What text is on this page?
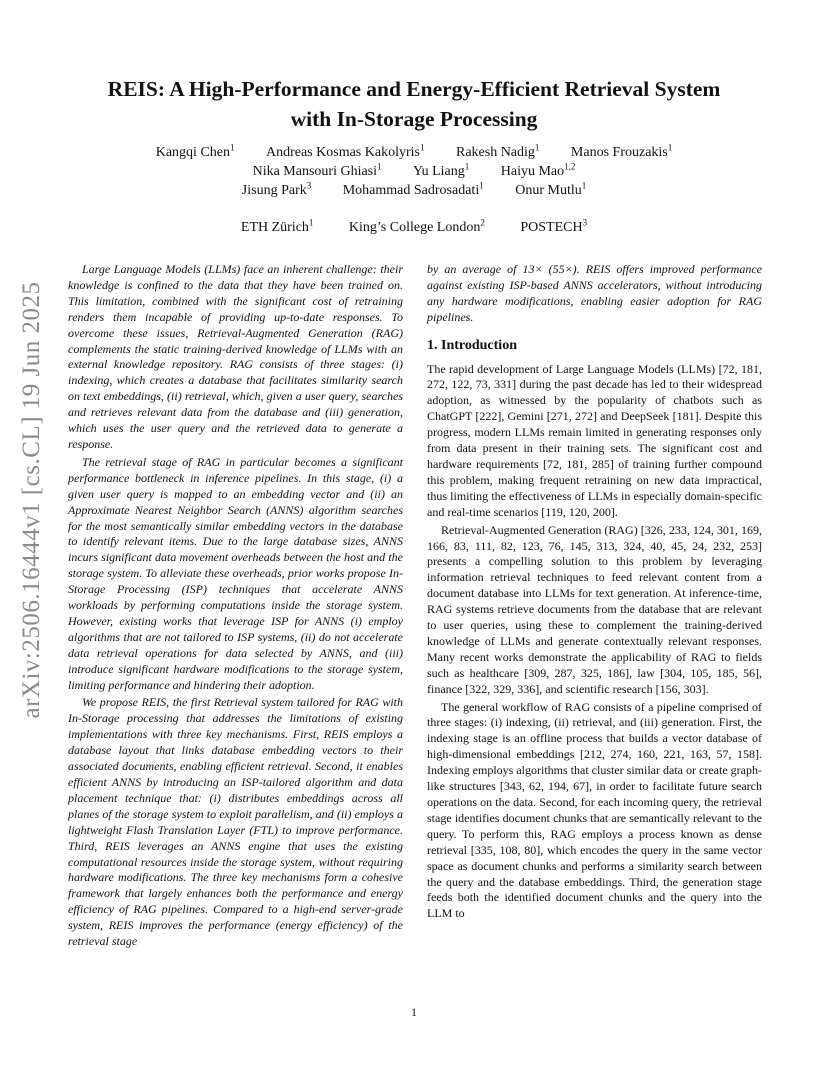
arXiv:2506.16444v1 [cs.CL] 19 Jun 2025
REIS: A High-Performance and Energy-Efficient Retrieval System
with In-Storage Processing
Kangqi Chen$^1$ Andreas Kosmas Kakolyris$^1$ Rakesh Nadig$^1$ Manos Frouzakis$^1$
Nika Mansouri Ghiasi$^1$ Yu Liang$^1$ Haiyu Mao$^{1,2}$
Jisung Park$^3$ Mohammad Sadrosadati$^1$ Onur Mutlu$^1$
ETH Zürich$^1$	King’s College London$^2$	POSTECH$^3$

Large Language Models (LLMs) face an inherent challenge: their knowledge is confined to the data that they have been trained on. This limitation, combined with the significant cost of retraining renders them incapable of providing up-to-date responses. To overcome these issues, Retrieval-Augmented Generation (RAG) complements the static training-derived knowledge of LLMs with an external knowledge repository. RAG consists of three stages: (i) indexing, which creates a database that facilitates similarity search on text embeddings, (ii) retrieval, which, given a user query, searches and retrieves relevant data from the database and (iii) generation, which uses the user query and the retrieved data to generate a response.

The retrieval stage of RAG in particular becomes a significant performance bottleneck in inference pipelines. In this stage, (i) a given user query is mapped to an embedding vector and (ii) an Approximate Nearest Neighbor Search (ANNS) algorithm searches for the most semantically similar embedding vectors in the database to identify relevant items. Due to the large database sizes, ANNS incurs significant data movement overheads between the host and the storage system. To alleviate these overheads, prior works propose In-Storage Processing (ISP) techniques that accelerate ANNS workloads by performing computations inside the storage system. However, existing works that leverage ISP for ANNS (i) employ algorithms that are not tailored to ISP systems, (ii) do not accelerate data retrieval operations for data selected by ANNS, and (iii) introduce significant hardware modifications to the storage system, limiting performance and hindering their adoption.

We propose REIS, the first Retrieval system tailored for RAG with In-Storage processing that addresses the limitations of existing implementations with three key mechanisms. First, REIS employs a database layout that links database embedding vectors to their associated documents, enabling efficient retrieval. Second, it enables efficient ANNS by introducing an ISP-tailored algorithm and data placement technique that: (i) distributes embeddings across all planes of the storage system to exploit parallelism, and (ii) employs a lightweight Flash Translation Layer (FTL) to improve performance. Third, REIS leverages an ANNS engine that uses the existing computational resources inside the storage system, without requiring hardware modifications. The three key mechanisms form a cohesive framework that largely enhances both the performance and energy efficiency of RAG pipelines. Compared to a high-end server-grade system, REIS improves the performance (energy efficiency) of the retrieval stage

by an average of 13× (55×). REIS offers improved performance against existing ISP-based ANNS accelerators, without introducing any hardware modifications, enabling easier adoption for RAG pipelines.

1. Introduction

The rapid development of Large Language Models (LLMs) [72, 181, 272, 122, 73, 331] during the past decade has led to their widespread adoption, as witnessed by the popularity of chatbots such as ChatGPT [222], Gemini [271, 272] and DeepSeek [181]. Despite this progress, modern LLMs remain limited in generating responses only from data present in their training sets. The significant cost and hardware requirements [72, 181, 285] of training further compound this problem, making frequent retraining on new data impractical, thus limiting the effectiveness of LLMs in especially domain-specific and real-time scenarios [119, 120, 200].

Retrieval-Augmented Generation (RAG) [326, 233, 124, 301, 169, 166, 83, 111, 82, 123, 76, 145, 313, 324, 40, 45, 24, 232, 253] presents a compelling solution to this problem by leveraging information retrieval techniques to feed relevant content from a document database into LLMs for text generation. At inference-time, RAG systems retrieve documents from the database that are relevant to user queries, using these to complement the training-derived knowledge of LLMs and generate contextually relevant responses. Many recent works demonstrate the applicability of RAG to fields such as healthcare [309, 287, 325, 186], law [304, 105, 185, 56], finance [322, 329, 336], and scientific research [156, 303].

The general workflow of RAG consists of a pipeline comprised of three stages: (i) indexing, (ii) retrieval, and (iii) generation. First, the indexing stage is an offline process that builds a vector database of high-dimensional embeddings [212, 274, 160, 221, 163, 57, 158]. Indexing employs algorithms that cluster similar data or create graph-like structures [343, 62, 194, 67], in order to facilitate future search operations on the data. Second, for each incoming query, the retrieval stage identifies document chunks that are semantically relevant to the query. To perform this, RAG employs a process known as dense retrieval [335, 108, 80], which encodes the query in the same vector space as document chunks and performs a similarity search between the query and the database embeddings. Third, the generation stage feeds both the identified document chunks and the query into the LLM to

1
